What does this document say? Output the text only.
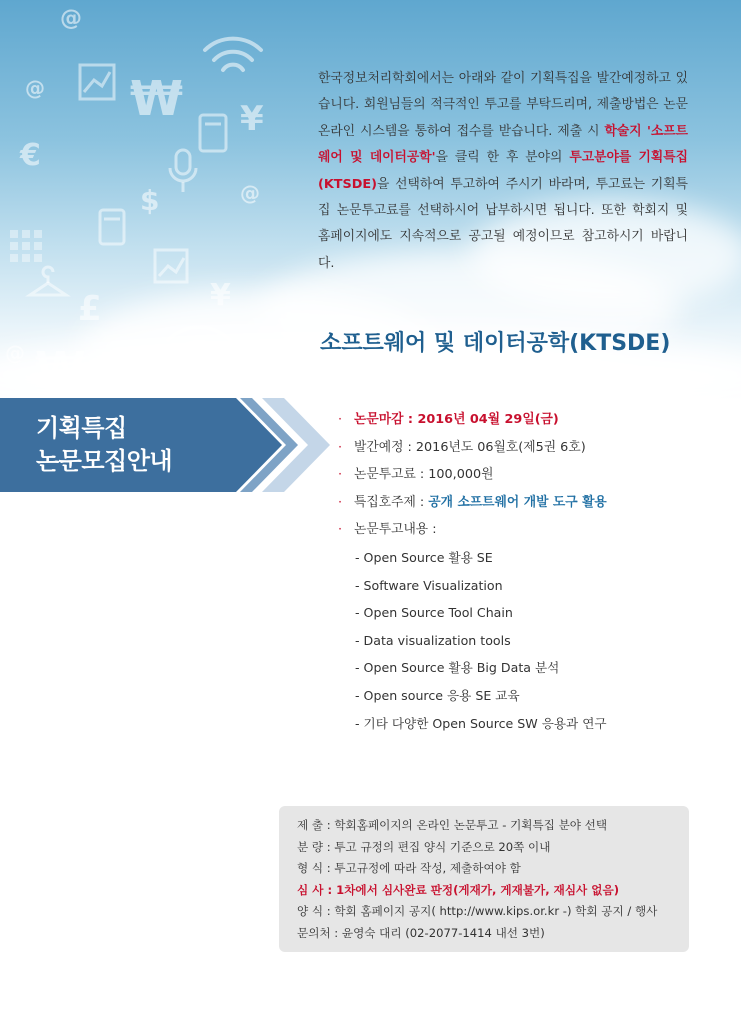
₩
₩
¥
¥
£
$
€
@
@
@
@
한국정보처리학회에서는 아래와 같이 기획특집을 발간예정하고 있습니다. 회원님들의 적극적인 투고를 부탁드리며, 제출방법은 논문 온라인 시스템을 통하여 접수를 받습니다. 제출 시 학술지 '소프트웨어 및 데이터공학'을 클릭 한 후 분야의 투고분야를 기획특집(KTSDE)을 선택하여 투고하여 주시기 바라며, 투고료는 기획특집 논문투고료를 선택하시어 납부하시면 됩니다. 또한 학회지 및 홈페이지에도 지속적으로 공고될 예정이므로 참고하시기 바랍니다.
소프트웨어 및 데이터공학(KTSDE)
기획특집
논문모집안내
· 논문마감 : 2016년 04월 29일(금)
· 발간예정 : 2016년도 06월호(제5권 6호)
· 논문투고료 : 100,000원
· 특집호주제 : 공개 소프트웨어 개발 도구 활용
· 논문투고내용 :
- Open Source 활용 SE
- Software Visualization
- Open Source Tool Chain
- Data visualization tools
- Open Source 활용 Big Data 분석
- Open source 응용 SE 교육
- 기타 다양한 Open Source SW 응용과 연구
제 출 : 학회홈페이지의 온라인 논문투고 - 기획특집 분야 선택
분 량 : 투고 규정의 편집 양식 기준으로 20쪽 이내
형 식 : 투고규정에 따라 작성, 제출하여야 함
심 사 : 1차에서 심사완료 판정(게재가, 게재불가, 재심사 없음)
양 식 : 학회 홈페이지 공지( http://www.kips.or.kr -) 학회 공지 / 행사
문의처 : 윤영숙 대리 (02-2077-1414 내선 3번)
